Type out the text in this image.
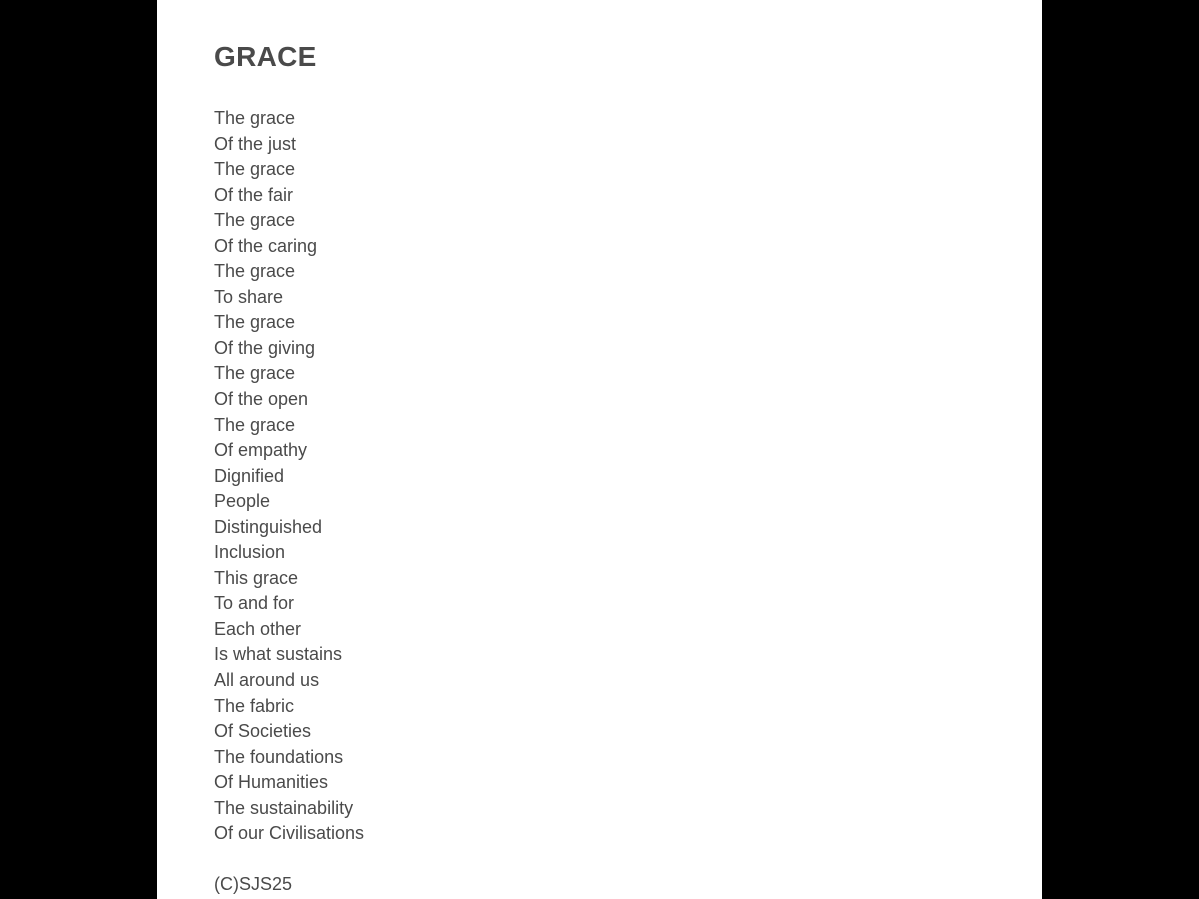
GRACE
The grace
Of the just
The grace
Of the fair
The grace
Of the caring
The grace
To share
The grace
Of the giving
The grace
Of the open
The grace
Of empathy
Dignified
People
Distinguished
Inclusion
This grace
To and for
Each other
Is what sustains
All around us
The fabric
Of Societies
The foundations
Of Humanities
The sustainability
Of our Civilisations

(C)SJS25
